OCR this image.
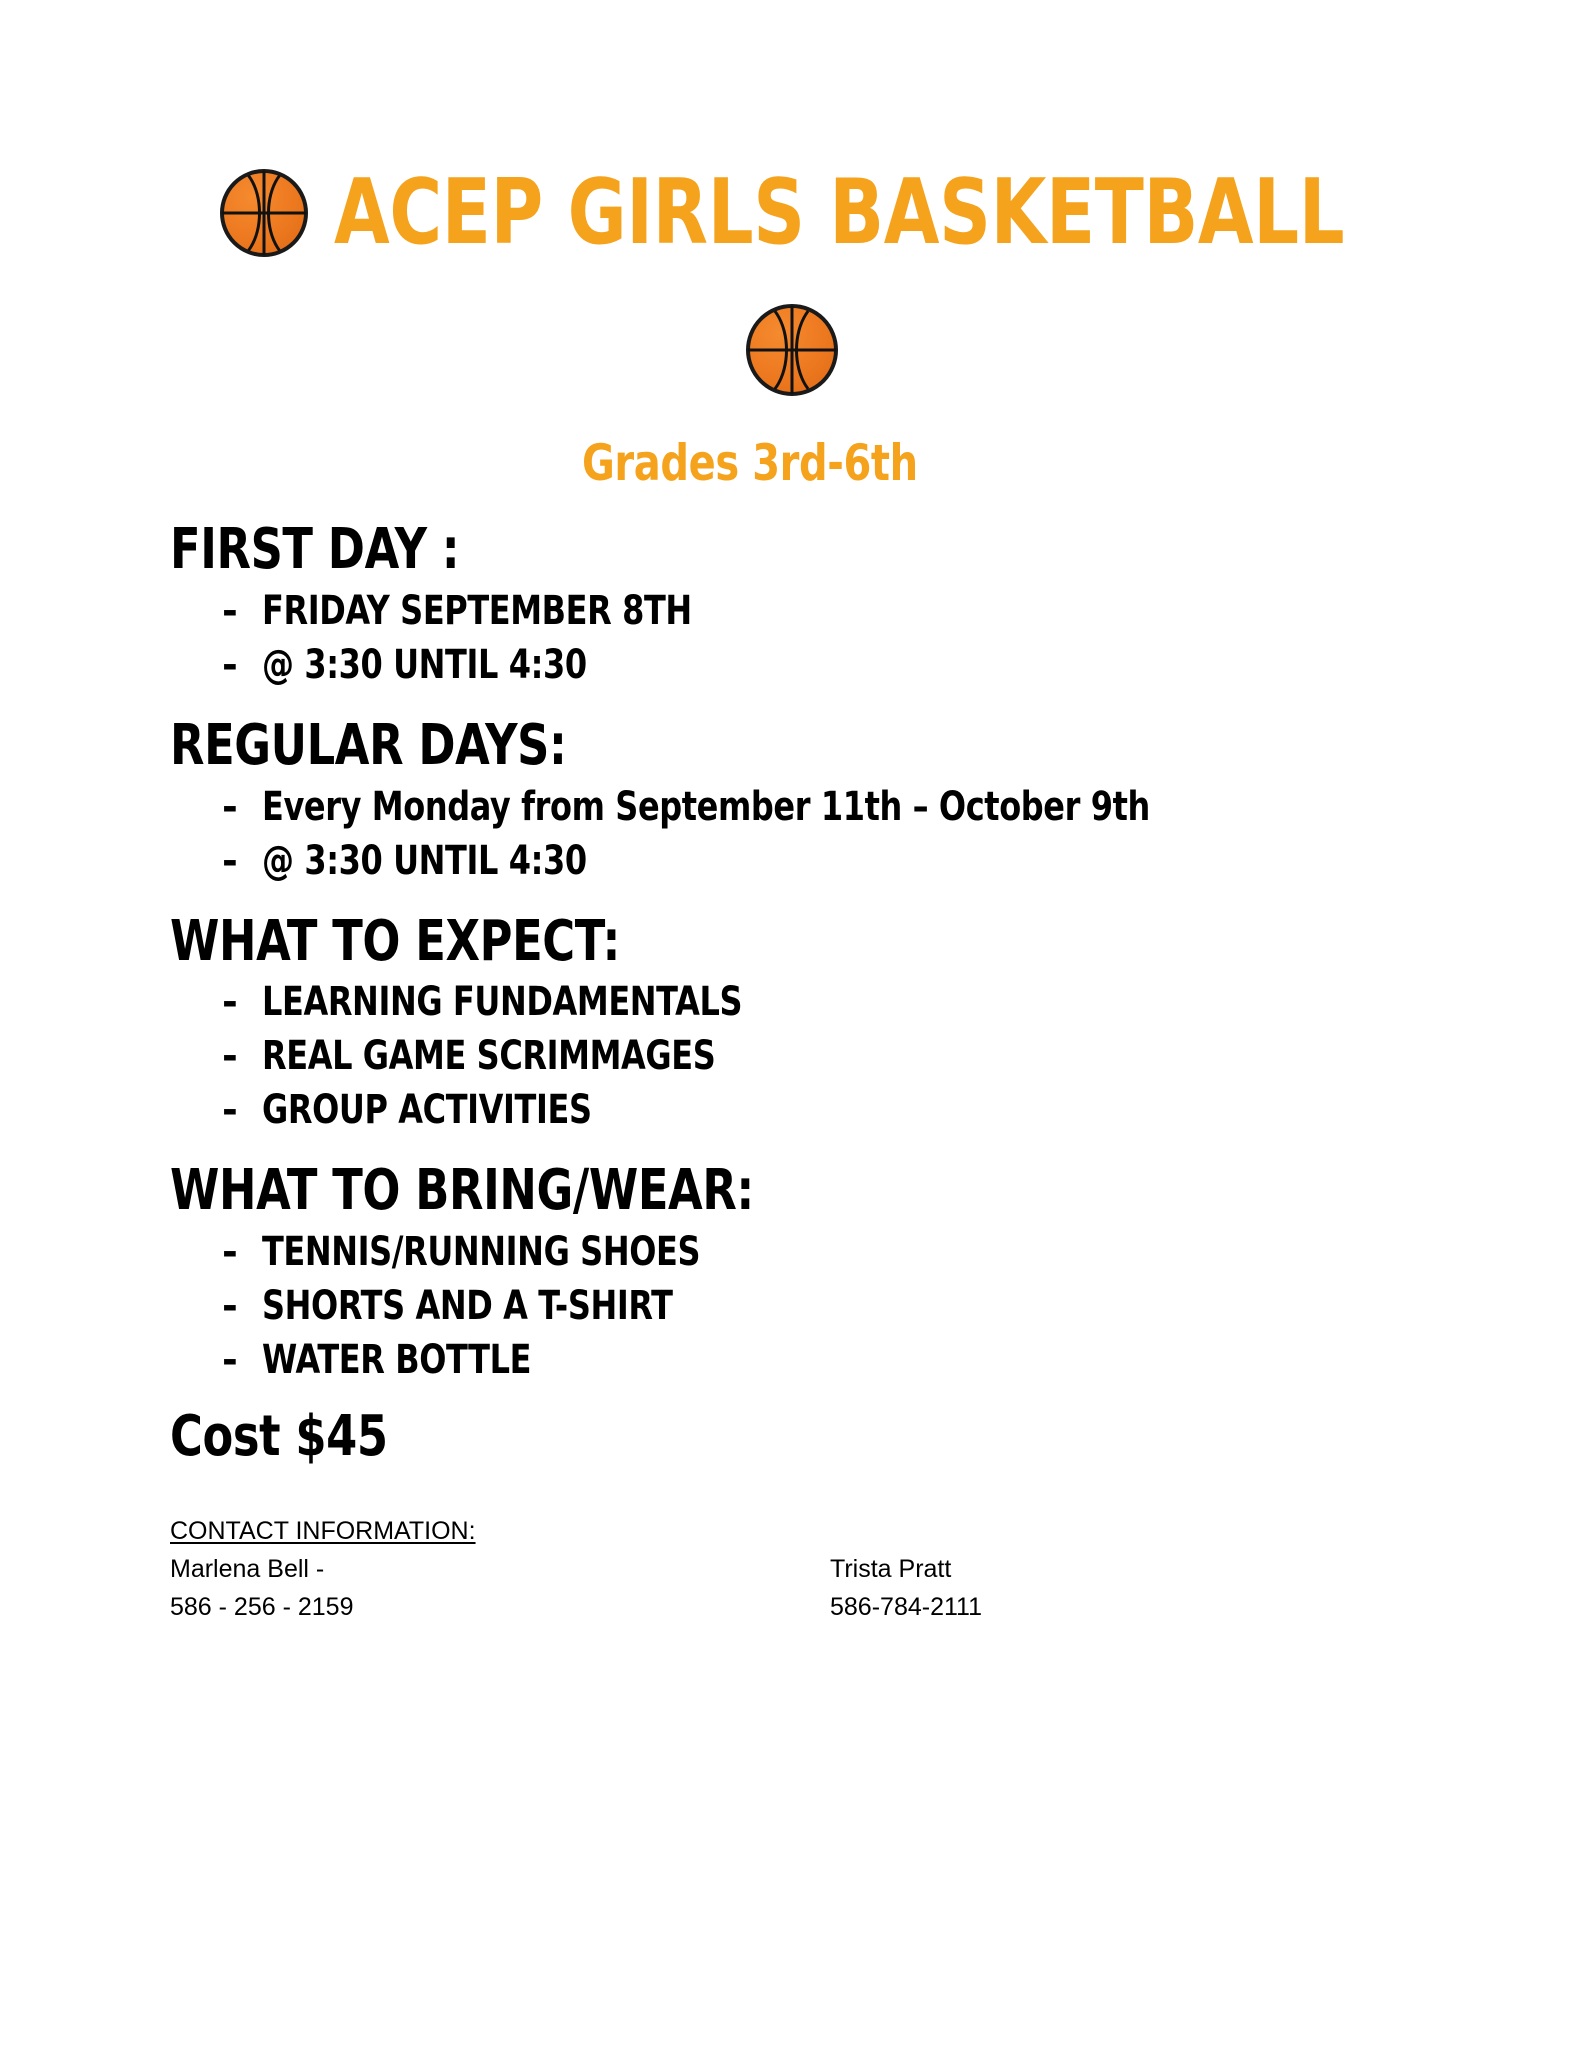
ACEP GIRLS BASKETBALL
Grades 3rd-6th
FIRST DAY :
- FRIDAY SEPTEMBER 8TH
- @ 3:30 UNTIL 4:30
REGULAR DAYS:
- Every Monday from September 11th – October 9th
- @ 3:30 UNTIL 4:30
WHAT TO EXPECT:
- LEARNING FUNDAMENTALS
- REAL GAME SCRIMMAGES
- GROUP ACTIVITIES
WHAT TO BRING/WEAR:
- TENNIS/RUNNING SHOES
- SHORTS AND A T-SHIRT
- WATER BOTTLE
Cost $45
CONTACT INFORMATION:
Marlena Bell -	Trista Pratt
586 - 256 - 2159	586-784-2111
